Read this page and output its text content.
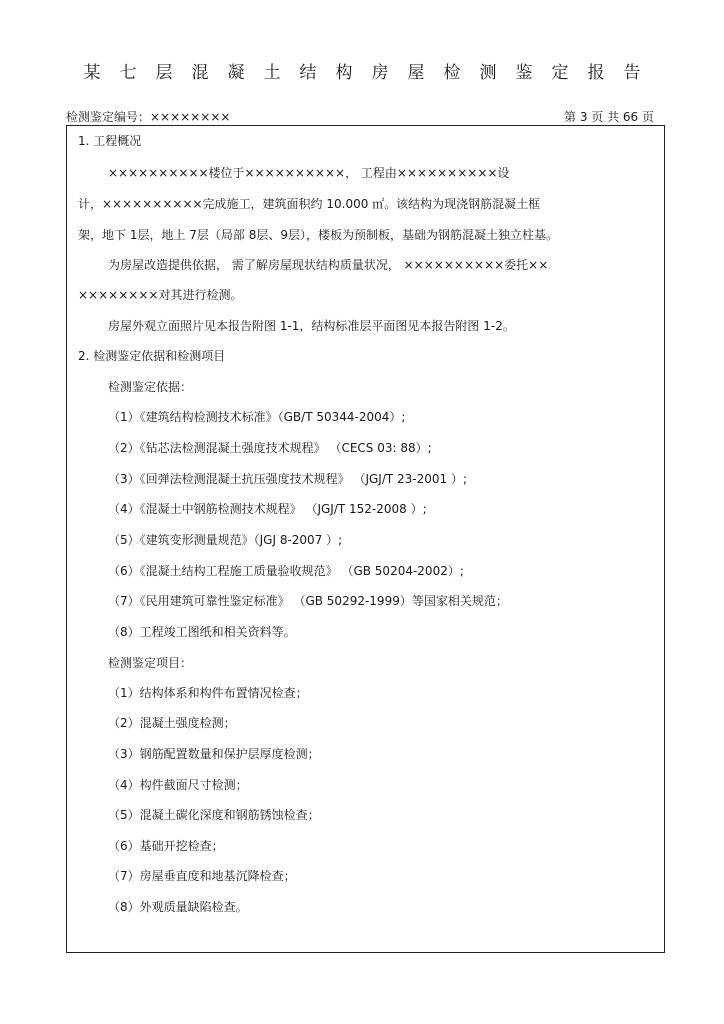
某七层混凝土结构房屋检测鉴定报告
检测鉴定编号：××××××××	第 3 页 共 66 页
1. 工程概况
××××××××××楼位于××××××××××， 工程由××××××××××设
计，××××××××××完成施工，建筑面积约 10.000 ㎡。该结构为现浇钢筋混凝土框
架，地下 1层，地上 7层（局部 8层、9层），楼板为预制板，基础为钢筋混凝土独立柱基。
为房屋改造提供依据， 需了解房屋现状结构质量状况， ××××××××××委托××
××××××××对其进行检测。
房屋外观立面照片见本报告附图 1-1，结构标准层平面图见本报告附图 1-2。
2. 检测鉴定依据和检测项目
检测鉴定依据：
（1）《建筑结构检测技术标准》（GB/T 50344-2004）;
（2）《钻芯法检测混凝土强度技术规程》 （CECS 03: 88）;
（3）《回弹法检测混凝土抗压强度技术规程》 （JGJ/T 23-2001 ）;
（4）《混凝土中钢筋检测技术规程》 （JGJ/T 152-2008 ）;
（5）《建筑变形测量规范》（JGJ 8-2007 ）;
（6）《混凝土结构工程施工质量验收规范》 （GB 50204-2002）;
（7）《民用建筑可靠性鉴定标准》 （GB 50292-1999）等国家相关规范；
（8）工程竣工图纸和相关资料等。
检测鉴定项目：
（1）结构体系和构件布置情况检查；
（2）混凝土强度检测；
（3）钢筋配置数量和保护层厚度检测；
（4）构件截面尺寸检测；
（5）混凝土碳化深度和钢筋锈蚀检查；
（6）基础开挖检查；
（7）房屋垂直度和地基沉降检查；
（8）外观质量缺陷检查。
